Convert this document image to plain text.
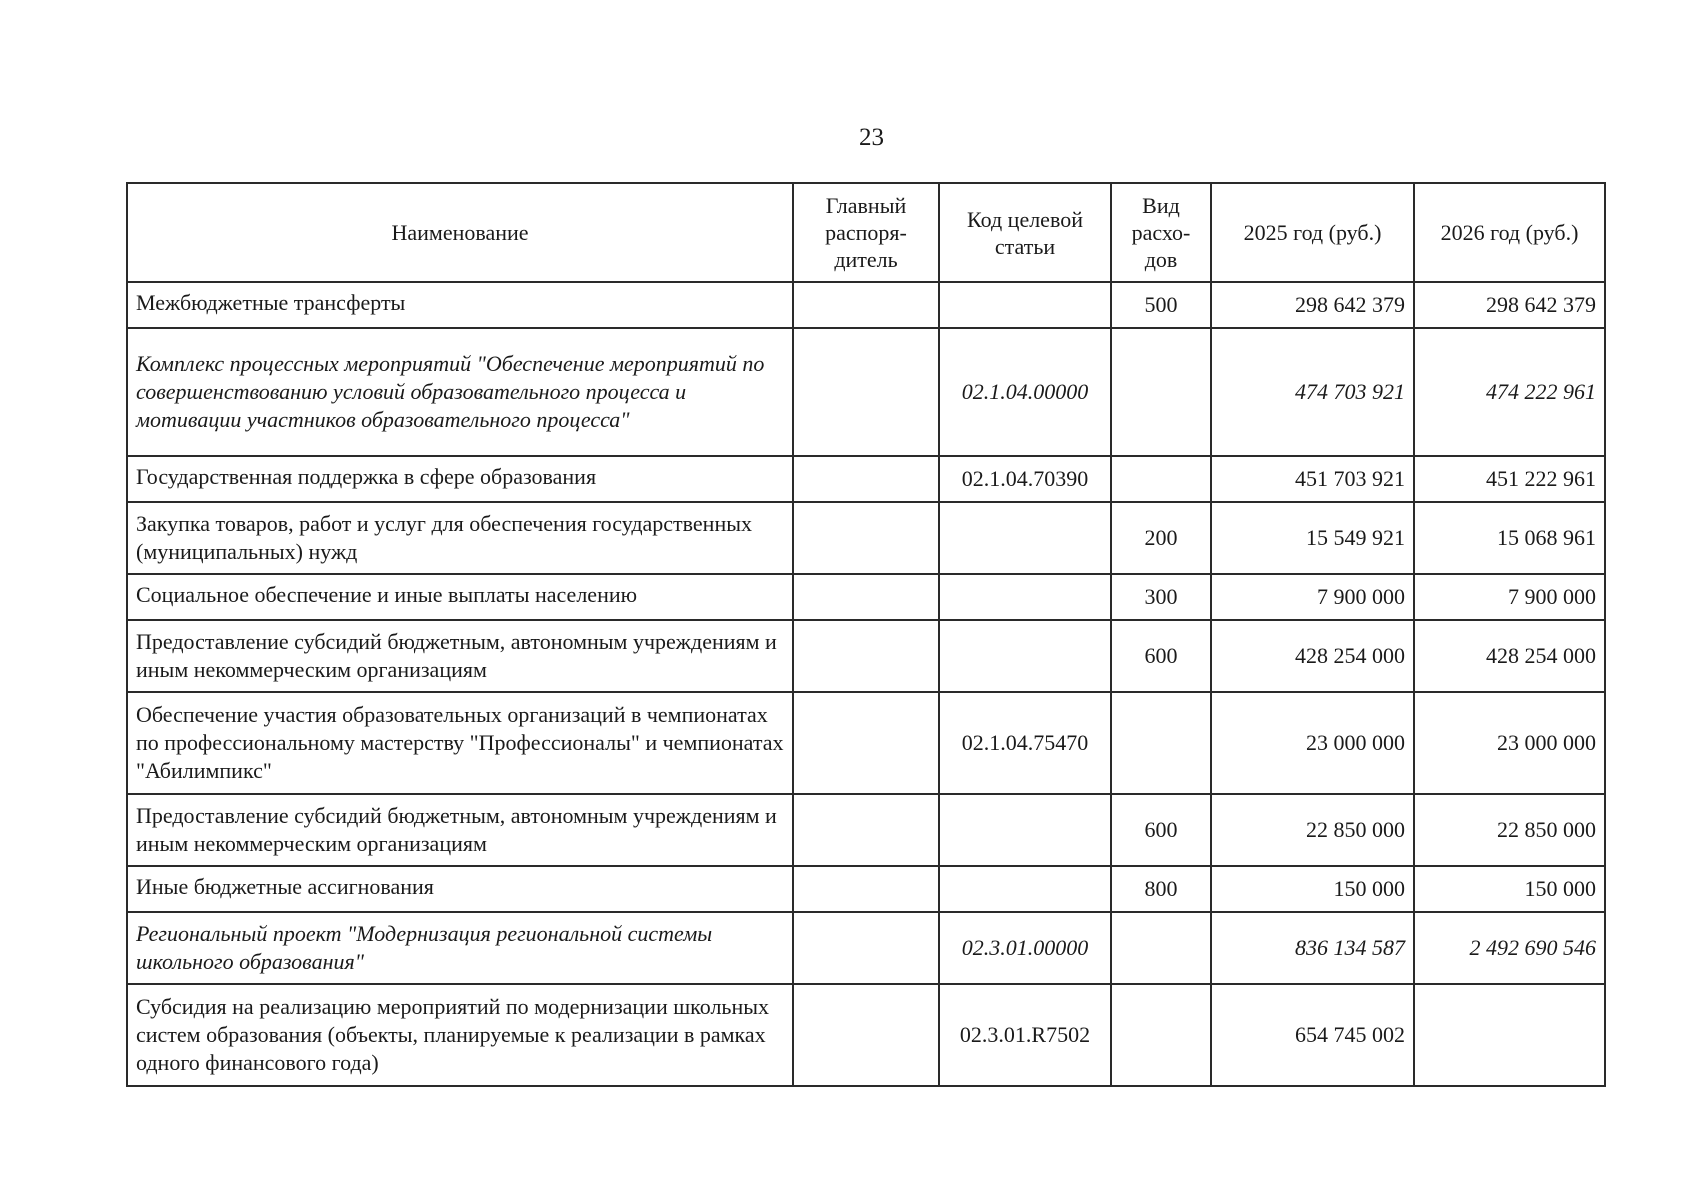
23
Наименование	Главный распоря-дитель	Код целевой статьи	Вид расхо-дов	2025 год (руб.)	2026 год (руб.)
Межбюджетные трансферты			500	298 642 379	298 642 379
Комплекс процессных мероприятий "Обеспечение мероприятий по совершенствованию условий образовательного процесса и мотивации участников образовательного процесса"		02.1.04.00000		474 703 921	474 222 961
Государственная поддержка в сфере образования		02.1.04.70390		451 703 921	451 222 961
Закупка товаров, работ и услуг для обеспечения государственных (муниципальных) нужд			200	15 549 921	15 068 961
Социальное обеспечение и иные выплаты населению			300	7 900 000	7 900 000
Предоставление субсидий бюджетным, автономным учреждениям и иным некоммерческим организациям			600	428 254 000	428 254 000
Обеспечение участия образовательных организаций в чемпионатах по профессиональному мастерству "Профессионалы" и чемпионатах "Абилимпикс"		02.1.04.75470		23 000 000	23 000 000
Предоставление субсидий бюджетным, автономным учреждениям и иным некоммерческим организациям			600	22 850 000	22 850 000
Иные бюджетные ассигнования			800	150 000	150 000
Региональный проект "Модернизация региональной системы школьного образования"		02.3.01.00000		836 134 587	2 492 690 546
Субсидия на реализацию мероприятий по модернизации школьных систем образования (объекты, планируемые к реализации в рамках одного финансового года)		02.3.01.R7502		654 745 002	
